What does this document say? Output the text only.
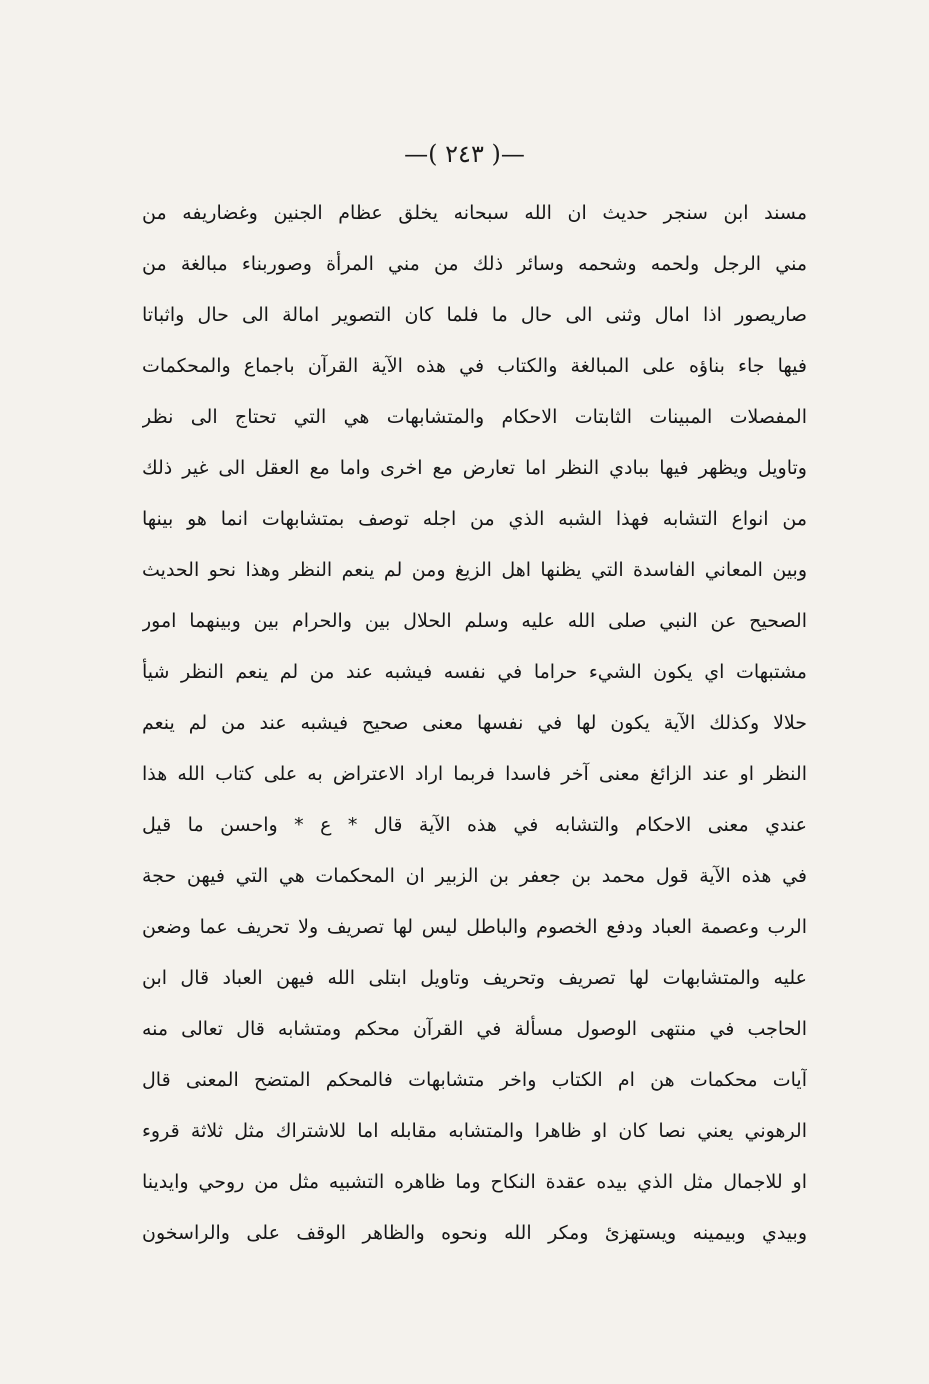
—( ٢٤٣ )—
مسند ابن سنجر حديث ان الله سبحانه يخلق عظام الجنين وغضاريفه من
مني الرجل ولحمه وشحمه وسائر ذلك من مني المرأة وصوربناء مبالغة من
صاريصور اذا امال وثنى الى حال ما فلما كان التصوير امالة الى حال واثباتا
فيها جاء بناؤه على المبالغة والكتاب في هذه الآية القرآن باجماع والمحكمات
المفصلات المبينات الثابتات الاحكام والمتشابهات هي التي تحتاج الى نظر
وتاويل ويظهر فيها ببادي النظر اما تعارض مع اخرى واما مع العقل الى غير ذلك
من انواع التشابه فهذا الشبه الذي من اجله توصف بمتشابهات انما هو بينها
وبين المعاني الفاسدة التي يظنها اهل الزيغ ومن لم ينعم النظر وهذا نحو الحديث
الصحيح عن النبي صلى الله عليه وسلم الحلال بين والحرام بين وبينهما امور
مشتبهات اي يكون الشيء حراما في نفسه فيشبه عند من لم ينعم النظر شيأ
حلالا وكذلك الآية يكون لها في نفسها معنى صحيح فيشبه عند من لم ينعم
النظر او عند الزائغ معنى آخر فاسدا فربما اراد الاعتراض به على كتاب الله هذا
عندي معنى الاحكام والتشابه في هذه الآية قال * ع * واحسن ما قيل
في هذه الآية قول محمد بن جعفر بن الزبير ان المحكمات هي التي فيهن حجة
الرب وعصمة العباد ودفع الخصوم والباطل ليس لها تصريف ولا تحريف عما وضعن
عليه والمتشابهات لها تصريف وتحريف وتاويل ابتلى الله فيهن العباد قال ابن
الحاجب في منتهى الوصول مسألة في القرآن محكم ومتشابه قال تعالى منه
آيات محكمات هن ام الكتاب واخر متشابهات فالمحكم المتضح المعنى قال
الرهوني يعني نصا كان او ظاهرا والمتشابه مقابله اما للاشتراك مثل ثلاثة قروء
او للاجمال مثل الذي بيده عقدة النكاح وما ظاهره التشبيه مثل من روحي وايدينا
وبيدي وبيمينه ويستهزئ ومكر الله ونحوه والظاهر الوقف على والراسخون
